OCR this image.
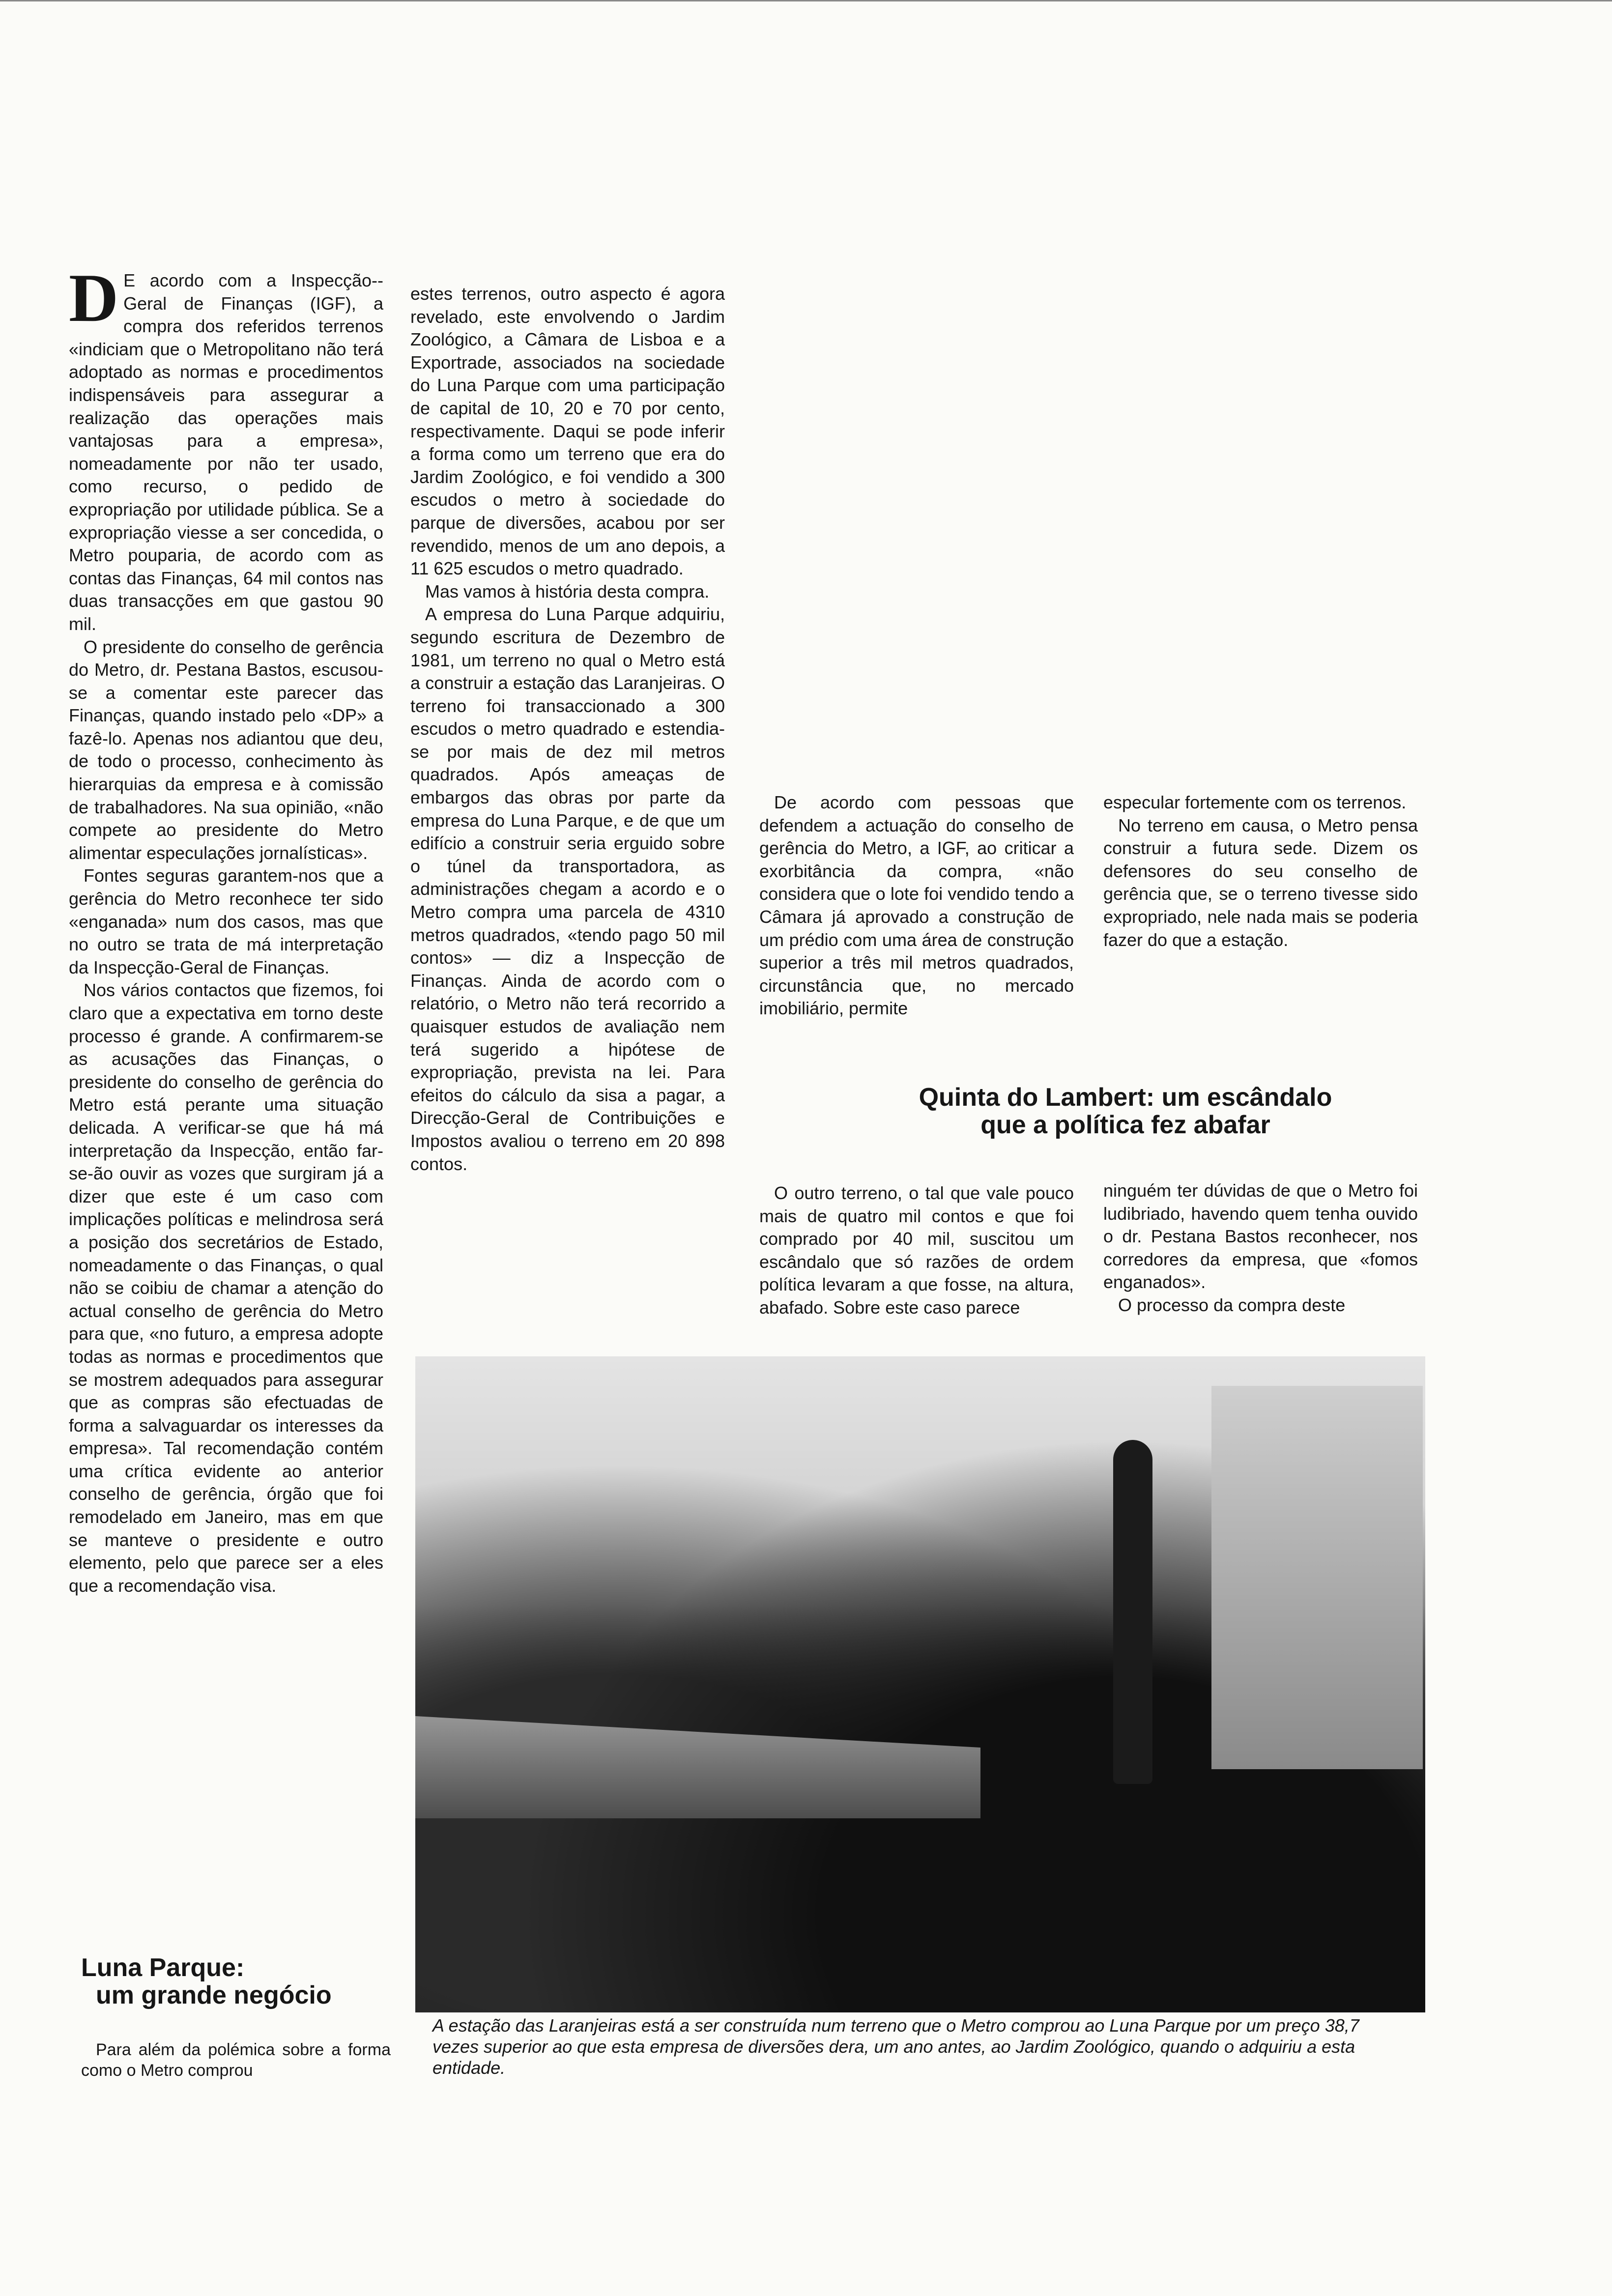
D E acordo com a Inspecção--Geral de Finanças (IGF), a compra dos referidos terrenos «indiciam que o Metropolitano não terá adoptado as normas e procedimentos indispensáveis para assegurar a realização das operações mais vantajosas para a empresa», nomeadamente por não ter usado, como recurso, o pedido de expropriação por utilidade pública. Se a expropriação viesse a ser concedida, o Metro pouparia, de acordo com as contas das Finanças, 64 mil contos nas duas transacções em que gastou 90 mil.

O presidente do conselho de gerência do Metro, dr. Pestana Bastos, escusou-se a comentar este parecer das Finanças, quando instado pelo «DP» a fazê-lo. Apenas nos adiantou que deu, de todo o processo, conhecimento às hierarquias da empresa e à comissão de trabalhadores. Na sua opinião, «não compete ao presidente do Metro alimentar especulações jornalísticas».

Fontes seguras garantem-nos que a gerência do Metro reconhece ter sido «enganada» num dos casos, mas que no outro se trata de má interpretação da Inspecção-Geral de Finanças.

Nos vários contactos que fizemos, foi claro que a expectativa em torno deste processo é grande. A confirmarem-se as acusações das Finanças, o presidente do conselho de gerência do Metro está perante uma situação delicada. A verificar-se que há má interpretação da Inspecção, então far-se-ão ouvir as vozes que surgiram já a dizer que este é um caso com implicações políticas e melindrosa será a posição dos secretários de Estado, nomeadamente o das Finanças, o qual não se coibiu de chamar a atenção do actual conselho de gerência do Metro para que, «no futuro, a empresa adopte todas as normas e procedimentos que se mostrem adequados para assegurar que as compras são efectuadas de forma a salvaguardar os interesses da empresa». Tal recomendação contém uma crítica evidente ao anterior conselho de gerência, órgão que foi remodelado em Janeiro, mas em que se manteve o presidente e outro elemento, pelo que parece ser a eles que a recomendação visa.

Luna Parque:
um grande negócio

Para além da polémica sobre a forma como o Metro comprou

estes terrenos, outro aspecto é agora revelado, este envolvendo o Jardim Zoológico, a Câmara de Lisboa e a Exportrade, associados na sociedade do Luna Parque com uma participação de capital de 10, 20 e 70 por cento, respectivamente. Daqui se pode inferir a forma como um terreno que era do Jardim Zoológico, e foi vendido a 300 escudos o metro à sociedade do parque de diversões, acabou por ser revendido, menos de um ano depois, a 11 625 escudos o metro quadrado.

Mas vamos à história desta compra.

A empresa do Luna Parque adquiriu, segundo escritura de Dezembro de 1981, um terreno no qual o Metro está a construir a estação das Laranjeiras. O terreno foi transaccionado a 300 escudos o metro quadrado e estendia-se por mais de dez mil metros quadrados. Após ameaças de embargos das obras por parte da empresa do Luna Parque, e de que um edifício a construir seria erguido sobre o túnel da transportadora, as administrações chegam a acordo e o Metro compra uma parcela de 4310 metros quadrados, «tendo pago 50 mil contos» — diz a Inspecção de Finanças. Ainda de acordo com o relatório, o Metro não terá recorrido a quaisquer estudos de avaliação nem terá sugerido a hipótese de expropriação, prevista na lei. Para efeitos do cálculo da sisa a pagar, a Direcção-Geral de Contribuições e Impostos avaliou o terreno em 20 898 contos.

De acordo com pessoas que defendem a actuação do conselho de gerência do Metro, a IGF, ao criticar a exorbitância da compra, «não considera que o lote foi vendido tendo a Câmara já aprovado a construção de um prédio com uma área de construção superior a três mil metros quadrados, circunstância que, no mercado imobiliário, permite

especular fortemente com os terrenos.

No terreno em causa, o Metro pensa construir a futura sede. Dizem os defensores do seu conselho de gerência que, se o terreno tivesse sido expropriado, nele nada mais se poderia fazer do que a estação.

Quinta do Lambert: um escândalo
que a política fez abafar

O outro terreno, o tal que vale pouco mais de quatro mil contos e que foi comprado por 40 mil, suscitou um escândalo que só razões de ordem política levaram a que fosse, na altura, abafado. Sobre este caso parece

ninguém ter dúvidas de que o Metro foi ludibriado, havendo quem tenha ouvido o dr. Pestana Bastos reconhecer, nos corredores da empresa, que «fomos enganados».

O processo da compra deste

A estação das Laranjeiras está a ser construída num terreno que o Metro comprou ao Luna Parque por um preço 38,7 vezes superior ao que esta empresa de diversões dera, um ano antes, ao Jardim Zoológico, quando o adquiriu a esta entidade.
